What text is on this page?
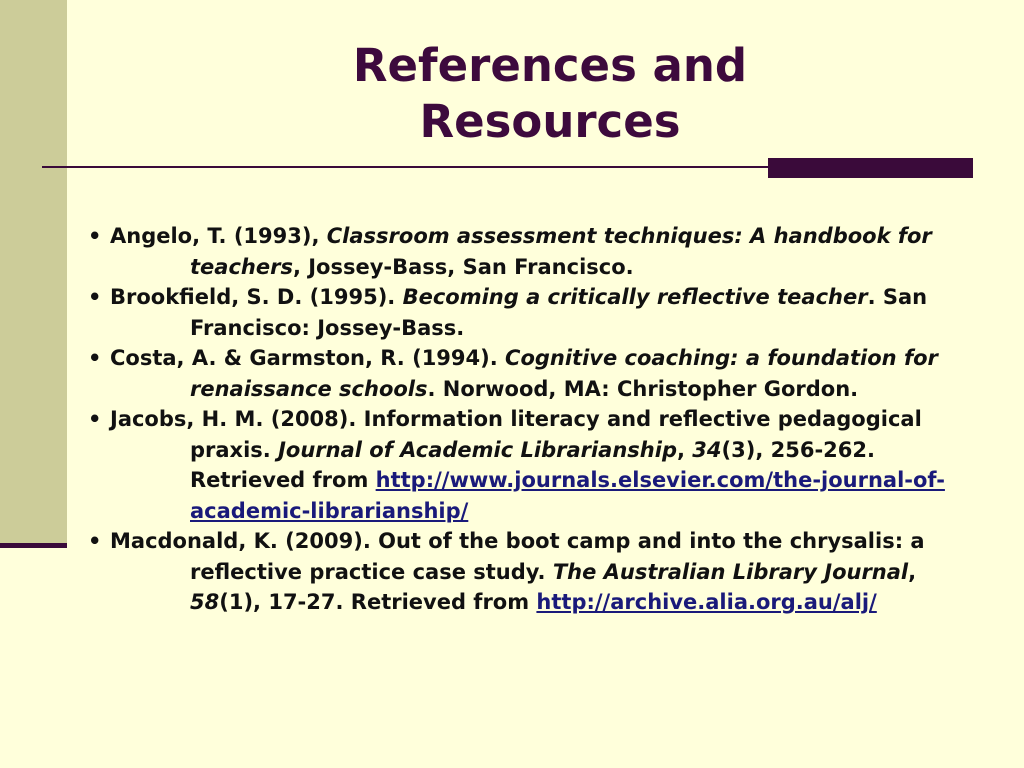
References and
Resources
• Angelo, T. (1993), Classroom assessment techniques: A handbook for teachers, Jossey-Bass, San Francisco.
• Brookfield, S. D. (1995). Becoming a critically reflective teacher. San Francisco: Jossey-Bass.
• Costa, A. & Garmston, R. (1994). Cognitive coaching: a foundation for renaissance schools. Norwood, MA: Christopher Gordon.
• Jacobs, H. M. (2008). Information literacy and reflective pedagogical praxis. Journal of Academic Librarianship, 34(3), 256-262. Retrieved from http://www.journals.elsevier.com/the-journal-of-academic-librarianship/
• Macdonald, K. (2009). Out of the boot camp and into the chrysalis: a reflective practice case study. The Australian Library Journal, 58(1), 17-27. Retrieved from http://archive.alia.org.au/alj/
